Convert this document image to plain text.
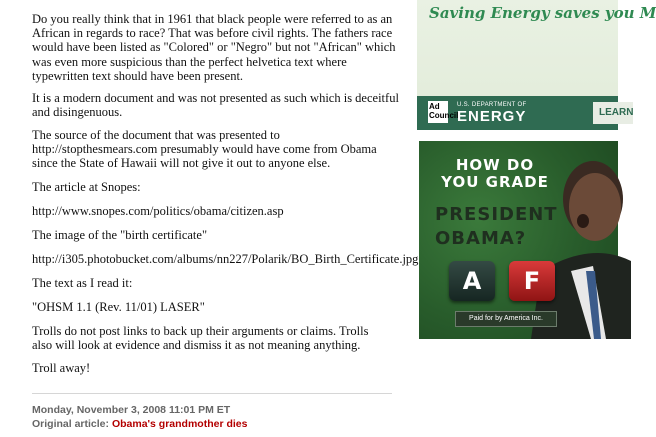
Do you really think that in 1961 that black people were referred to as an African in regards to race? That was before civil rights. The fathers race would have been listed as "Colored" or "Negro" but not "African" which was even more suspicious than the perfect helvetica text where typewritten text should have been present.

It is a modern document and was not presented as such which is deceitful and disingenuous.

The source of the document that was presented to http://stopthesmears.com presumably would have come from Obama since the State of Hawaii will not give it out to anyone else.

The article at Snopes:

http://www.snopes.com/politics/obama/citizen.asp

The image of the "birth certificate"

http://i305.photobucket.com/albums/nn227/Polarik/BO_Birth_Certificate.jpg

The text as I read it:

"OHSM 1.1 (Rev. 11/01) LASER"

Trolls do not post links to back up their arguments or claims. Trolls also will look at evidence and dismiss it as not meaning anything.

Troll away!

Monday, November 3, 2008 11:01 PM ET
Original article: Obama's grandmother dies
Saving Energy saves you M
Ad Council
U.S. DEPARTMENT OF
ENERGY	LEARN
HOW DO YOU GRADE
PRESIDENT OBAMA?
A	F
Paid for by America Inc.
